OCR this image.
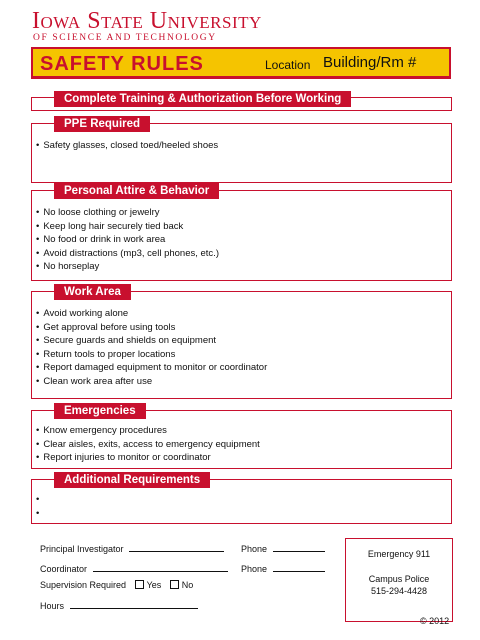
Iowa State University
OF SCIENCE AND TECHNOLOGY
SAFETY RULES	Location Building/Rm #
Complete Training & Authorization Before Working
PPE Required
• Safety glasses, closed toed/heeled shoes
Personal Attire & Behavior
• No loose clothing or jewelry
• Keep long hair securely tied back
• No food or drink in work area
• Avoid distractions (mp3, cell phones, etc.)
• No horseplay
Work Area
• Avoid working alone
• Get approval before using tools
• Secure guards and shields on equipment
• Return tools to proper locations
• Report damaged equipment to monitor or coordinator
• Clean work area after use
Emergencies
• Know emergency procedures
• Clear aisles, exits, access to emergency equipment
• Report injuries to monitor or coordinator
Additional Requirements
•
•
Principal Investigator	Phone
Coordinator	Phone
Supervision Required Yes No
Hours
Emergency 911
Campus Police
515-294-4428
© 2012
